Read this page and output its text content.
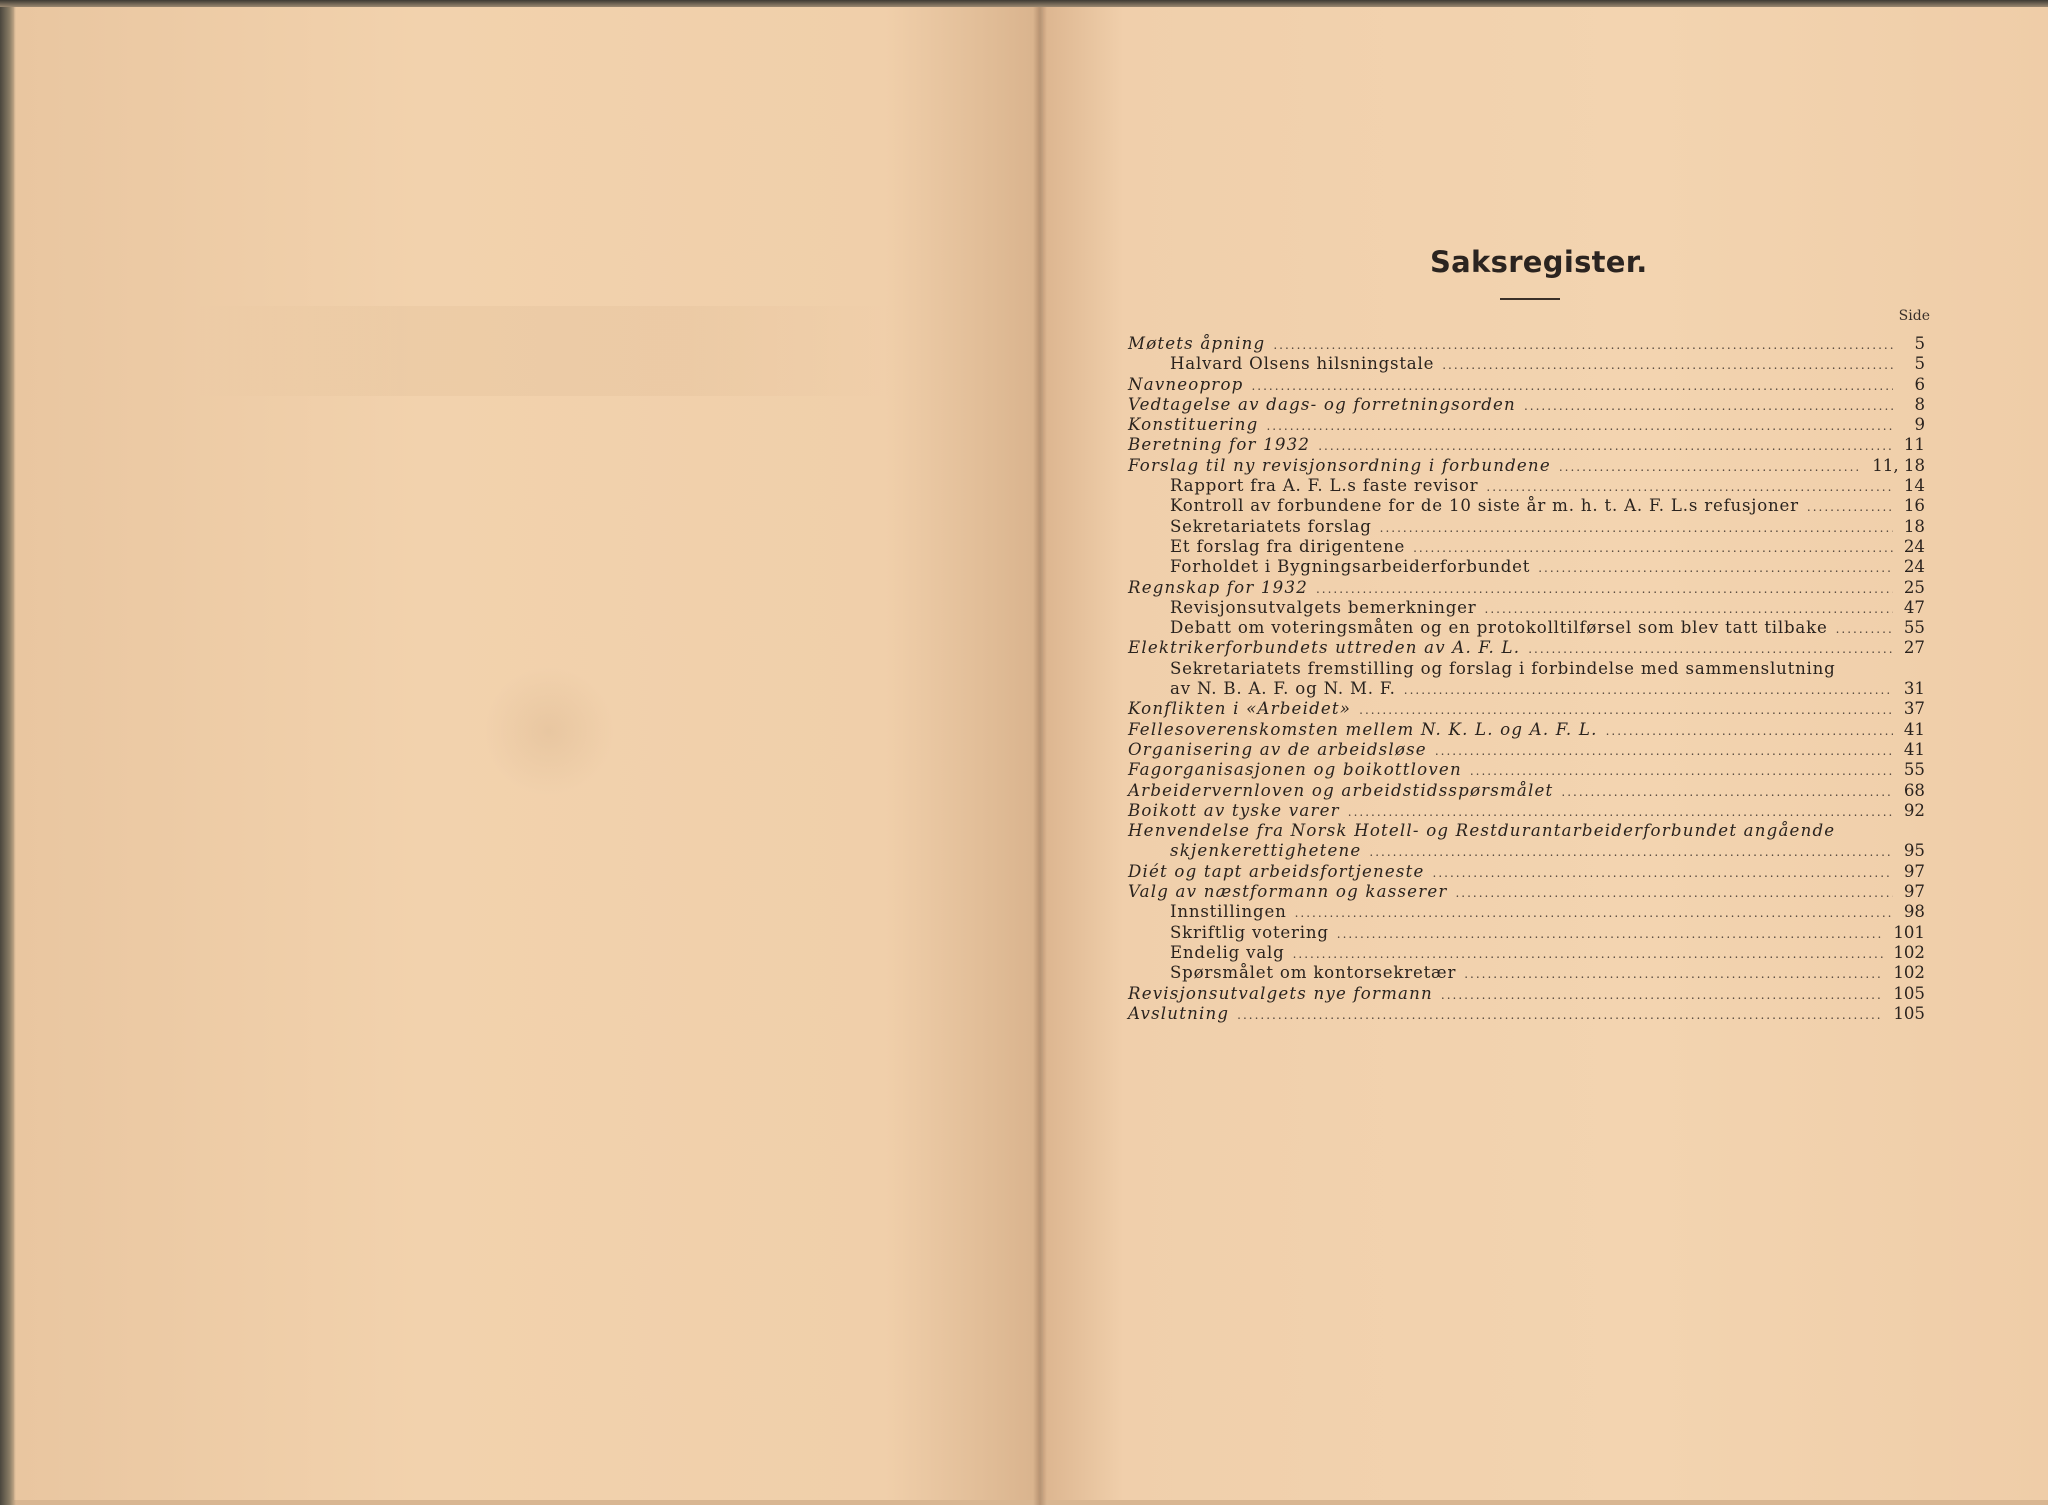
Saksregister.
Side
Møtets åpning .....	5
Halvard Olsens hilsningstale .....	5
Navneoprop .....	6
Vedtagelse av dags- og forretningsorden .....	8
Konstituering .....	9
Beretning for 1932 .....	11
Forslag til ny revisjonsordning i forbundene .....	11, 18
Rapport fra A. F. L.s faste revisor .....	14
Kontroll av forbundene for de 10 siste år m. h. t. A. F. L.s refusjoner .....	16
Sekretariatets forslag .....	18
Et forslag fra dirigentene .....	24
Forholdet i Bygningsarbeiderforbundet .....	24
Regnskap for 1932 .....	25
Revisjonsutvalgets bemerkninger .....	47
Debatt om voteringsmåten og en protokolltilførsel som blev tatt tilbake .....	55
Elektrikerforbundets uttreden av A. F. L. .....	27
Sekretariatets fremstilling og forslag i forbindelse med sammenslutning
av N. B. A. F. og N. M. F. .....	31
Konflikten i «Arbeidet» .....	37
Fellesoverenskomsten mellem N. K. L. og A. F. L. .....	41
Organisering av de arbeidsløse .....	41
Fagorganisasjonen og boikottloven .....	55
Arbeidervernloven og arbeidstidsspørsmålet .....	68
Boikott av tyske varer .....	92
Henvendelse fra Norsk Hotell- og Restdurantarbeiderforbundet angående
skjenkerettighetene .....	95
Diét og tapt arbeidsfortjeneste .....	97
Valg av næstformann og kasserer .....	97
Innstillingen .....	98
Skriftlig votering .....	101
Endelig valg .....	102
Spørsmålet om kontorsekretær .....	102
Revisjonsutvalgets nye formann .....	105
Avslutning .....	105
